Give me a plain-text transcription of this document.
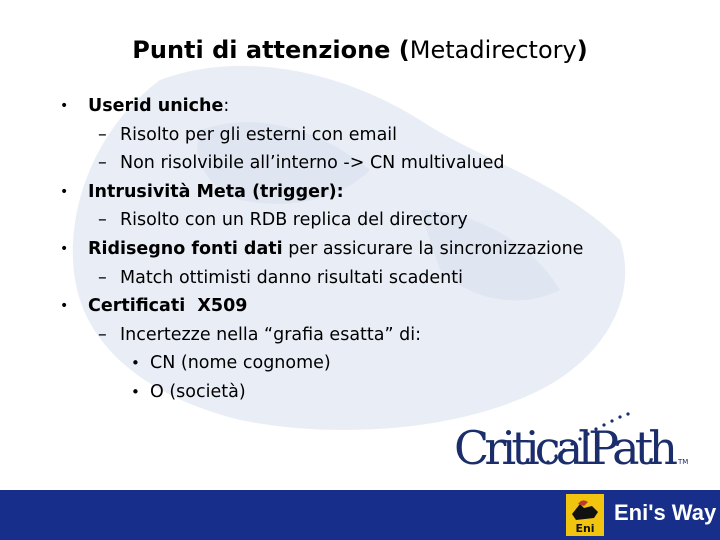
Punti di attenzione (Metadirectory)
• Userid uniche:
– Risolto per gli esterni con email
– Non risolvibile all’interno -> CN multivalued
• Intrusività Meta (trigger):
– Risolto con un RDB replica del directory
• Ridisegno fonti dati per assicurare la sincronizzazione
– Match ottimisti danno risultati scadenti
• Certificati  X509
– Incertezze nella “grafia esatta” di:
• CN (nome cognome)
• O (società)
CriticalPath TM
Eni
Eni's Way
